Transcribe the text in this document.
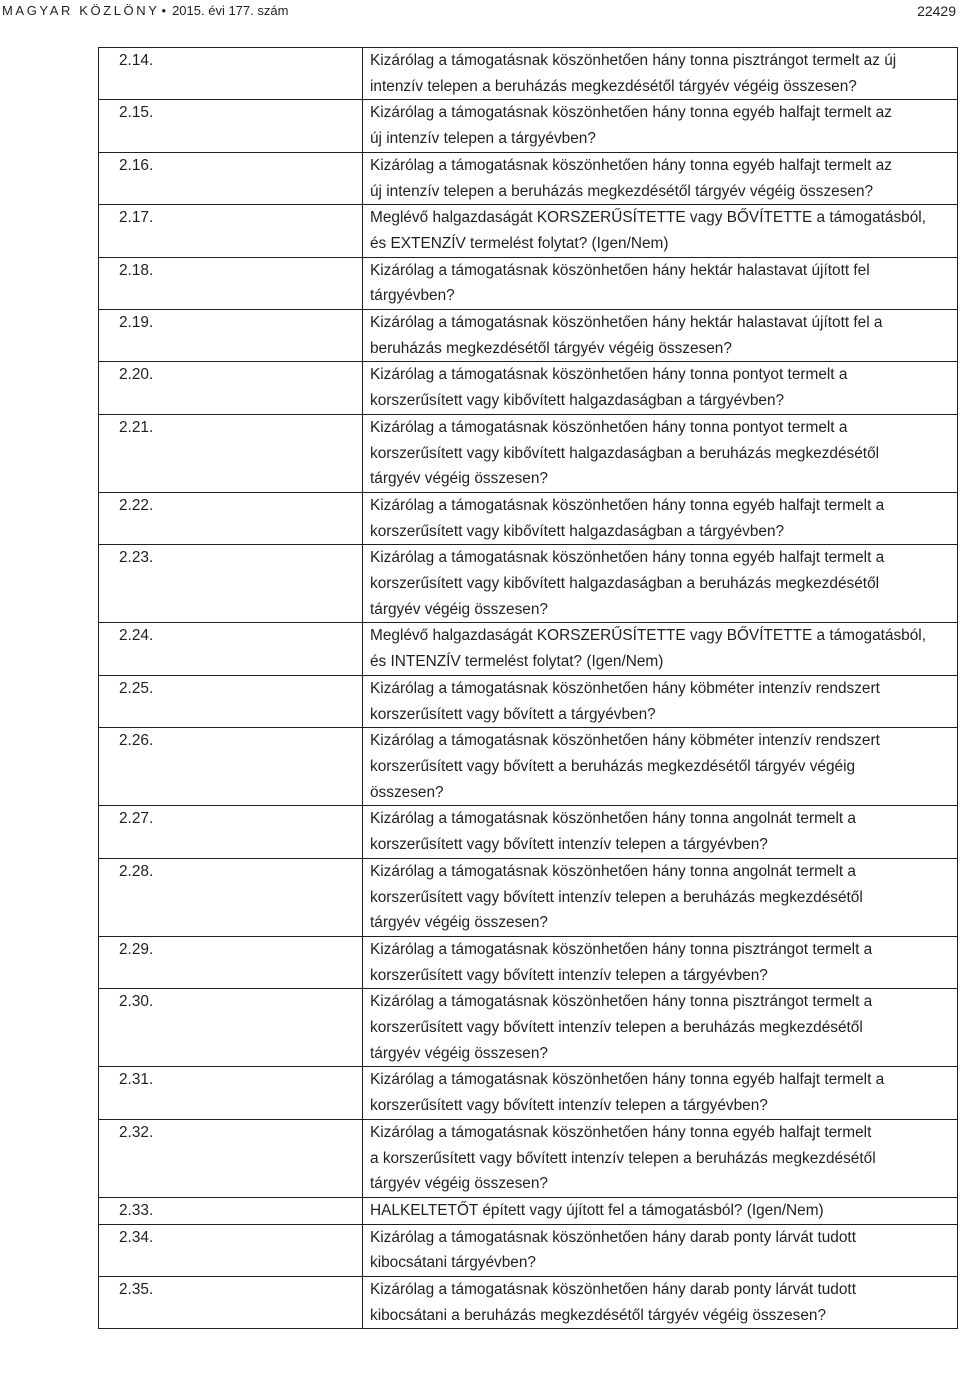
MAGYAR KÖZLÖNY • 2015. évi 177. szám	22429
2.14.	Kizárólag a támogatásnak köszönhetően hány tonna pisztrángot termelt az új
intenzív telepen a beruházás megkezdésétől tárgyév végéig összesen?

2.15.	Kizárólag a támogatásnak köszönhetően hány tonna egyéb halfajt termelt az
új intenzív telepen a tárgyévben?

2.16.	Kizárólag a támogatásnak köszönhetően hány tonna egyéb halfajt termelt az
új intenzív telepen a beruházás megkezdésétől tárgyév végéig összesen?

2.17.	Meglévő halgazdaságát KORSZERŰSÍTETTE vagy BŐVÍTETTE a támogatásból,
és EXTENZÍV termelést folytat? (Igen/Nem)

2.18.	Kizárólag a támogatásnak köszönhetően hány hektár halastavat újított fel
tárgyévben?

2.19.	Kizárólag a támogatásnak köszönhetően hány hektár halastavat újított fel a
beruházás megkezdésétől tárgyév végéig összesen?

2.20.	Kizárólag a támogatásnak köszönhetően hány tonna pontyot termelt a
korszerűsített vagy kibővített halgazdaságban a tárgyévben?

2.21.	Kizárólag a támogatásnak köszönhetően hány tonna pontyot termelt a
korszerűsített vagy kibővített halgazdaságban a beruházás megkezdésétől
tárgyév végéig összesen?

2.22.	Kizárólag a támogatásnak köszönhetően hány tonna egyéb halfajt termelt a
korszerűsített vagy kibővített halgazdaságban a tárgyévben?

2.23.	Kizárólag a támogatásnak köszönhetően hány tonna egyéb halfajt termelt a
korszerűsített vagy kibővített halgazdaságban a beruházás megkezdésétől
tárgyév végéig összesen?

2.24.	Meglévő halgazdaságát KORSZERŰSÍTETTE vagy BŐVÍTETTE a támogatásból,
és INTENZÍV termelést folytat? (Igen/Nem)

2.25.	Kizárólag a támogatásnak köszönhetően hány köbméter intenzív rendszert
korszerűsített vagy bővített a tárgyévben?

2.26.	Kizárólag a támogatásnak köszönhetően hány köbméter intenzív rendszert
korszerűsített vagy bővített a beruházás megkezdésétől tárgyév végéig
összesen?

2.27.	Kizárólag a támogatásnak köszönhetően hány tonna angolnát termelt a
korszerűsített vagy bővített intenzív telepen a tárgyévben?

2.28.	Kizárólag a támogatásnak köszönhetően hány tonna angolnát termelt a
korszerűsített vagy bővített intenzív telepen a beruházás megkezdésétől
tárgyév végéig összesen?

2.29.	Kizárólag a támogatásnak köszönhetően hány tonna pisztrángot termelt a
korszerűsített vagy bővített intenzív telepen a tárgyévben?

2.30.	Kizárólag a támogatásnak köszönhetően hány tonna pisztrángot termelt a
korszerűsített vagy bővített intenzív telepen a beruházás megkezdésétől
tárgyév végéig összesen?

2.31.	Kizárólag a támogatásnak köszönhetően hány tonna egyéb halfajt termelt a
korszerűsített vagy bővített intenzív telepen a tárgyévben?

2.32.	Kizárólag a támogatásnak köszönhetően hány tonna egyéb halfajt termelt
a korszerűsített vagy bővített intenzív telepen a beruházás megkezdésétől
tárgyév végéig összesen?

2.33.	HALKELTETŐT épített vagy újított fel a támogatásból? (Igen/Nem)

2.34.	Kizárólag a támogatásnak köszönhetően hány darab ponty lárvát tudott
kibocsátani tárgyévben?

2.35.	Kizárólag a támogatásnak köszönhetően hány darab ponty lárvát tudott
kibocsátani a beruházás megkezdésétől tárgyév végéig összesen?
